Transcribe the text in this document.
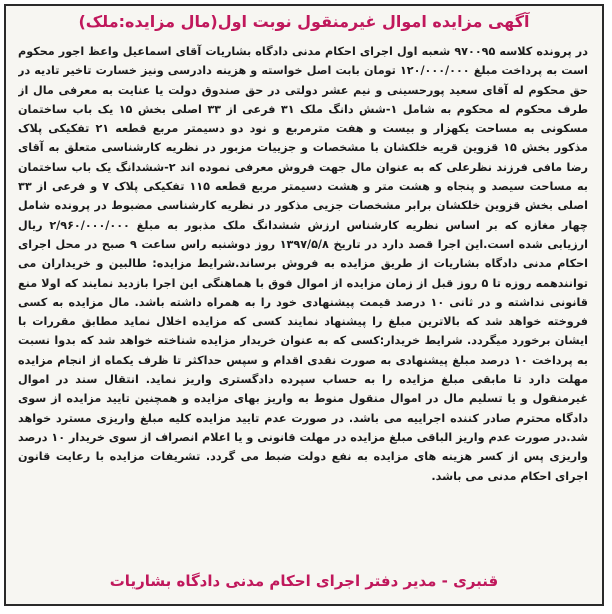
آگهی مزایده اموال غیرمنقول نوبت اول(مال مزایده:ملک)
در پرونده کلاسه ۹۷۰۰۹۵ شعبه اول اجرای احکام مدنی دادگاه بشاریات آقای اسماعیل واعظ اجور محکوم است به پرداخت مبلغ ۱۲۰/۰۰۰/۰۰۰ تومان بابت اصل خواسته و هزینه دادرسی ونیز خسارت تاخیر تادیه در حق محکوم له آقای سعید پورحسینی و نیم عشر دولتی در حق صندوق دولت یا عنایت به معرفی مال از طرف محکوم له محکوم به شامل ۱-شش دانگ ملک ۳۱ فرعی از ۳۳ اصلی بخش ۱۵ یک باب ساختمان مسکونی به مساحت یکهزار و بیست و هفت مترمربع و نود دو دسیمتر مربع قطعه ۲۱ تفکیکی پلاک مذکور بخش ۱۵ قزوین قریه خلکشان با مشخصات و جزییات مزبور در نظریه کارشناسی متعلق به آقای رضا مافی فرزند نظرعلی که به عنوان مال جهت فروش معرفی نموده اند ۲-ششدانگ یک باب ساختمان به مساحت سیصد و پنجاه و هشت متر و هشت دسیمتر مربع قطعه ۱۱۵ تفکیکی پلاک ۷ و فرعی از ۳۳ اصلی بخش قزوین خلکشان برابر مشخصات جزیی مذکور در نظریه کارشناسی مضبوط در پرونده شامل چهار مغازه که بر اساس نظریه کارشناس ارزش ششدانگ ملک مذبور به مبلغ ۲/۹۶۰/۰۰۰/۰۰۰ ریال ارزیابی شده است.این اجرا قصد دارد در تاریخ ۱۳۹۷/۵/۸ روز دوشنبه راس ساعت ۹ صبح در محل اجرای احکام مدنی دادگاه بشاریات از طریق مزایده به فروش برساند.شرایط مزایده: طالبین و خریداران می توانندهمه روزه تا ۵ روز قبل از زمان مزایده از اموال فوق با هماهنگی این اجرا بازدید نمایند که اولا منع قانونی نداشته و در ثانی ۱۰ درصد قیمت پیشنهادی خود را به همراه داشته باشد. مال مزایده به کسی فروخته خواهد شد که بالاترین مبلغ را پیشنهاد نمایند کسی که مزایده اخلال نماید مطابق مقررات با ایشان برخورد میگردد. شرایط خریدار:کسی که به عنوان خریدار مزایده شناخته خواهد شد که بدوا نسبت به پرداخت ۱۰ درصد مبلغ پیشنهادی به صورت نقدی اقدام و سپس حداکثر تا ظرف یکماه از انجام مزایده مهلت دارد تا مابقی مبلغ مزایده را به حساب سپرده دادگستری واریز نماید. انتقال سند در اموال غیرمنقول و یا تسلیم مال در اموال منقول منوط به واریز بهای مزایده و همچنین تایید مزایده از سوی دادگاه محترم صادر کننده اجراییه می باشد. در صورت عدم تایید مزایده کلیه مبلغ واریزی مسترد خواهد شد.در صورت عدم واریز الباقی مبلغ مزایده در مهلت قانونی و یا اعلام انصراف از سوی خریدار ۱۰ درصد واریزی پس از کسر هزینه های مزایده به نفع دولت ضبط می گردد. تشریفات مزایده با رعایت قانون اجرای احکام مدنی می باشد.
قنبری - مدیر دفتر اجرای احکام مدنی دادگاه بشاریات
